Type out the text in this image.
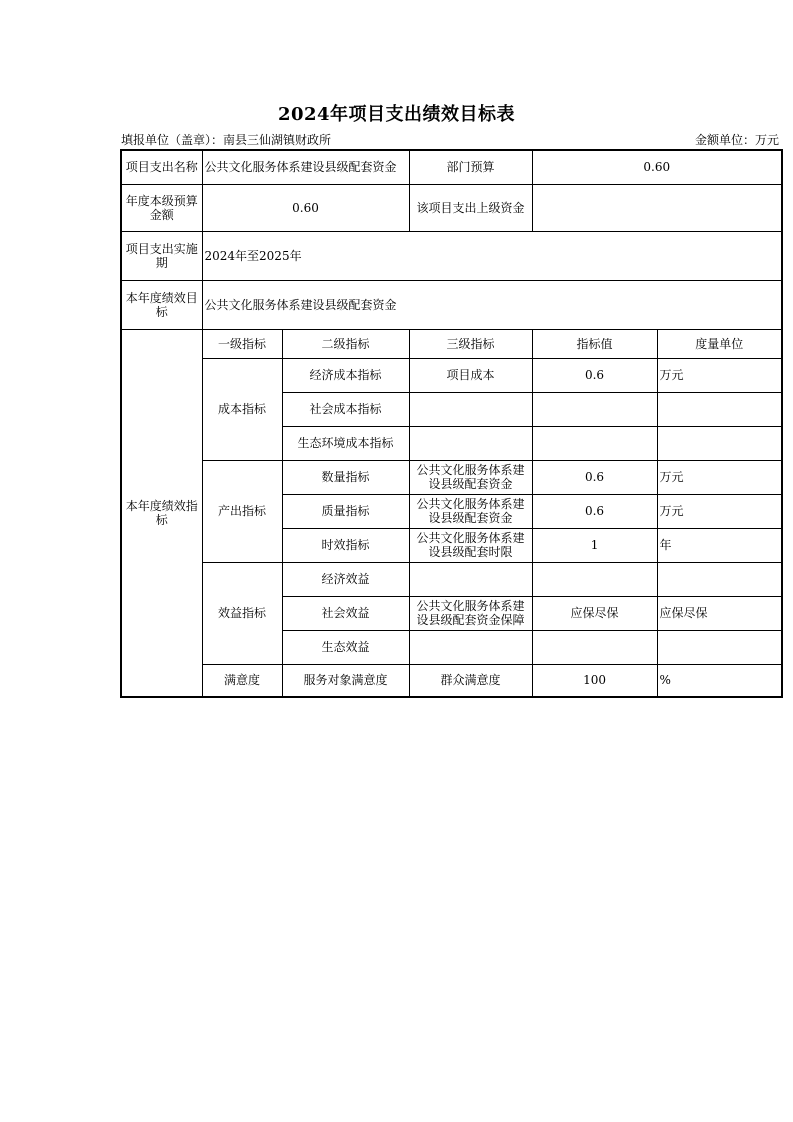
2024年项目支出绩效目标表
填报单位（盖章）：南县三仙湖镇财政所	金额单位：万元
项目支出名称	公共文化服务体系建设县级配套资金		部门预算	0.60	
年度本级预算金额	0.60		该项目支出上级资金		
项目支出实施期	2024年至2025年				
本年度绩效目标	公共文化服务体系建设县级配套资金				
本年度绩效指标	一级指标	二级指标	三级指标	指标值	度量单位
	成本指标	经济成本指标	项目成本	0.6	万元
		社会成本指标			
		生态环境成本指标			
	产出指标	数量指标	公共文化服务体系建设县级配套资金	0.6	万元
		质量指标	公共文化服务体系建设县级配套资金	0.6	万元
		时效指标	公共文化服务体系建设县级配套时限	1	年
	效益指标	经济效益			
		社会效益	公共文化服务体系建设县级配套资金保障	应保尽保	应保尽保
		生态效益			
	满意度	服务对象满意度	群众满意度	100	%
